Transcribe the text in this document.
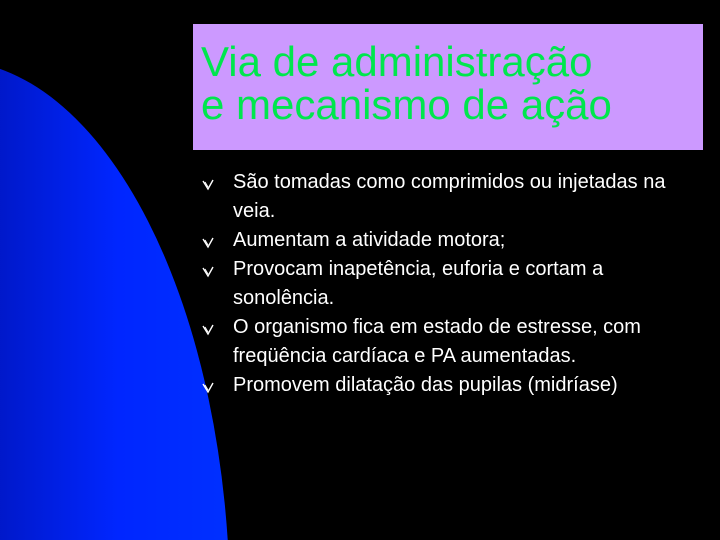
Via de administração
e mecanismo de ação
São tomadas como comprimidos ou injetadas na veia.
Aumentam a atividade motora;
Provocam inapetência, euforia e cortam a sonolência.
O organismo fica em estado de estresse, com freqüência cardíaca e PA aumentadas.
Promovem dilatação das pupilas (midríase)
